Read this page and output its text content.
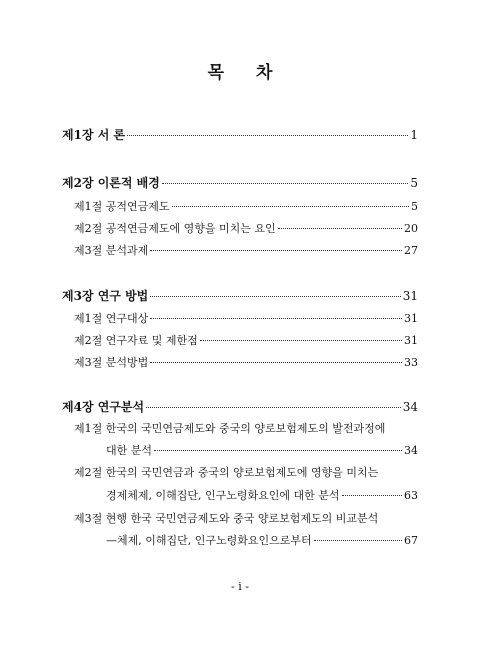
목 차
제1장 서 론	1
제2장 이론적 배경	5
제1절 공적연금제도	5
제2절 공적연금제도에 영향을 미치는 요인	20
제3절 분석과제	27
제3장 연구 방법	31
제1절 연구대상	31
제2절 연구자료 및 제한점	31
제3절 분석방법	33
제4장 연구분석	34
제1절 한국의 국민연금제도와 중국의 양로보험제도의 발전과정에
대한 분석	34
제2절 한국의 국민연금과 중국의 양로보험제도에 영향을 미치는
경제체제, 이해집단, 인구노령화요인에 대한 분석	63
제3절 현행 한국 국민연금제도와 중국 양로보험제도의 비교분석
—체제, 이해집단, 인구노령화요인으로부터	67
- i -
